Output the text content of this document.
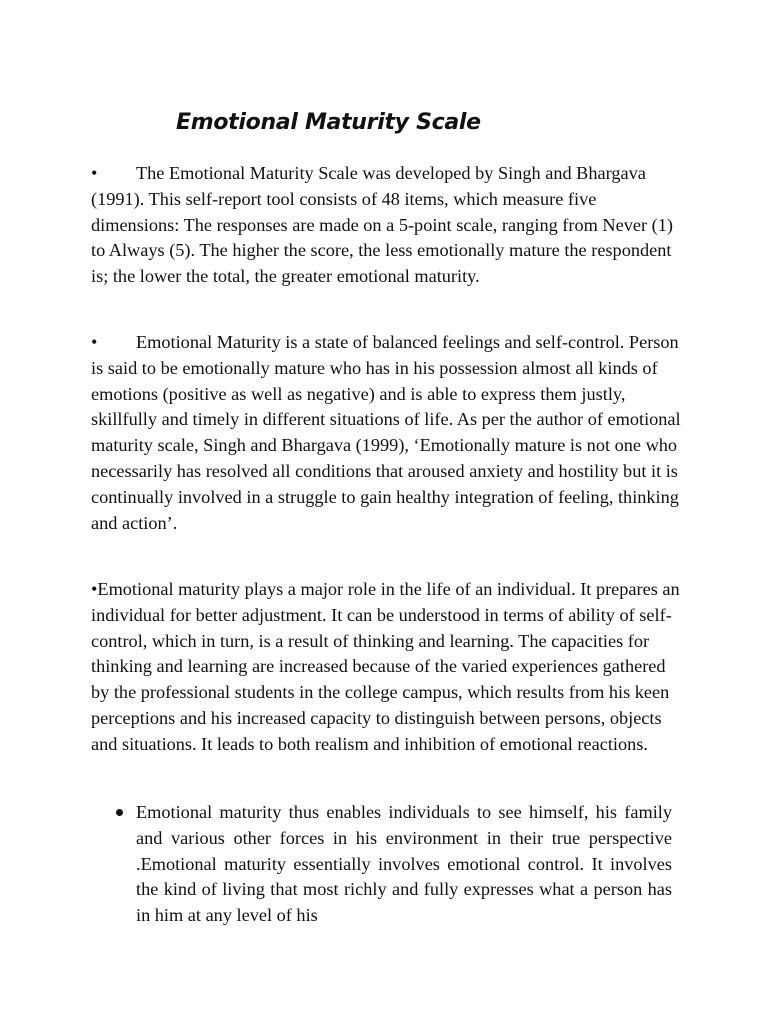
Emotional Maturity Scale

• The Emotional Maturity Scale was developed by Singh and Bhargava (1991). This self-report tool consists of 48 items, which measure five dimensions: The responses are made on a 5-point scale, ranging from Never (1) to Always (5). The higher the score, the less emotionally mature the respondent is; the lower the total, the greater emotional maturity.

• Emotional Maturity is a state of balanced feelings and self-control. Person is said to be emotionally mature who has in his possession almost all kinds of emotions (positive as well as negative) and is able to express them justly, skillfully and timely in different situations of life. As per the author of emotional maturity scale, Singh and Bhargava (1999), ‘Emotionally mature is not one who necessarily has resolved all conditions that aroused anxiety and hostility but it is continually involved in a struggle to gain healthy integration of feeling, thinking and action’.

•Emotional maturity plays a major role in the life of an individual. It prepares an individual for better adjustment. It can be understood in terms of ability of self-control, which in turn, is a result of thinking and learning. The capacities for thinking and learning are increased because of the varied experiences gathered by the professional students in the college campus, which results from his keen perceptions and his increased capacity to distinguish between persons, objects and situations. It leads to both realism and inhibition of emotional reactions.

Emotional maturity thus enables individuals to see himself, his family and various other forces in his environment in their true perspective .Emotional maturity essentially involves emotional control. It involves the kind of living that most richly and fully expresses what a person has in him at any level of his
